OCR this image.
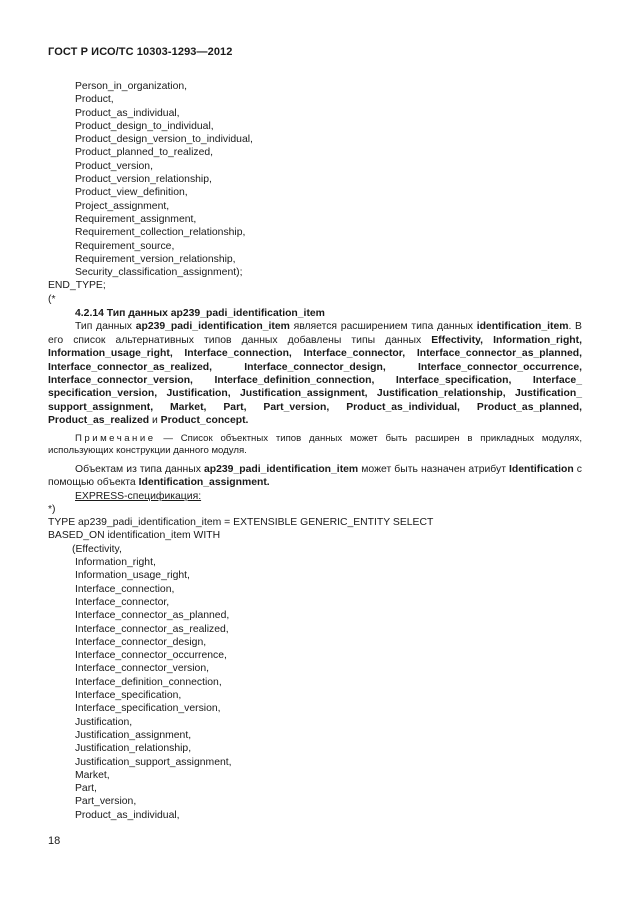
ГОСТ Р ИСО/ТС 10303-1293—2012
Person_in_organization,
Product,
Product_as_individual,
Product_design_to_individual,
Product_design_version_to_individual,
Product_planned_to_realized,
Product_version,
Product_version_relationship,
Product_view_definition,
Project_assignment,
Requirement_assignment,
Requirement_collection_relationship,
Requirement_source,
Requirement_version_relationship,
Security_classification_assignment);
END_TYPE;
(*
4.2.14 Тип данных ap239_padi_identification_item
Тип данных ap239_padi_identification_item является расширением типа данных identification_item. В его список альтернативных типов данных добавлены типы данных Effectivity, Information_right, Information_usage_right, Interface_connection, Interface_connector, Interface_connector_as_planned, Interface_connector_as_realized, Interface_connector_design, Interface_connector_occurrence, Interface_connector_version, Interface_definition_connection, Interface_specification, Interface_ specification_version, Justification, Justification_assignment, Justification_relationship, Justification_ support_assignment, Market, Part, Part_version, Product_as_individual, Product_as_planned, Product_as_realized и Product_concept.
Примечание — Список объектных типов данных может быть расширен в прикладных модулях, использующих конструкции данного модуля.
Объектам из типа данных ap239_padi_identification_item может быть назначен атрибут Identification с помощью объекта Identification_assignment.
EXPRESS-спецификация:
*)
TYPE ap239_padi_identification_item = EXTENSIBLE GENERIC_ENTITY SELECT
BASED_ON identification_item WITH
(Effectivity,
Information_right,
Information_usage_right,
Interface_connection,
Interface_connector,
Interface_connector_as_planned,
Interface_connector_as_realized,
Interface_connector_design,
Interface_connector_occurrence,
Interface_connector_version,
Interface_definition_connection,
Interface_specification,
Interface_specification_version,
Justification,
Justification_assignment,
Justification_relationship,
Justification_support_assignment,
Market,
Part,
Part_version,
Product_as_individual,
18
